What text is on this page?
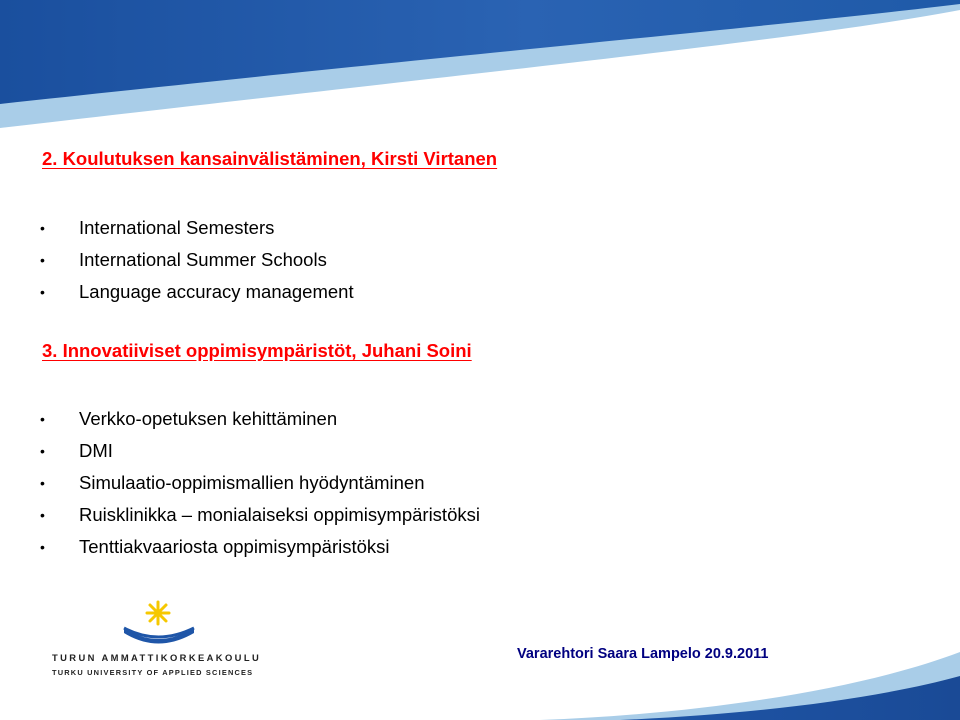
2. Koulutuksen kansainvälistäminen, Kirsti Virtanen
•	International Semesters
•	International Summer Schools
•	Language accuracy management
3. Innovatiiviset oppimisympäristöt, Juhani Soini
•	Verkko-opetuksen kehittäminen
•	DMI
•	Simulaatio-oppimismallien hyödyntäminen
•	Ruisklinikka – monialaiseksi oppimisympäristöksi
•	Tenttiakvaariosta oppimisympäristöksi
TURUN AMMATTIKORKEAKOULU
TURKU UNIVERSITY OF APPLIED SCIENCES
Vararehtori Saara Lampelo 20.9.2011
